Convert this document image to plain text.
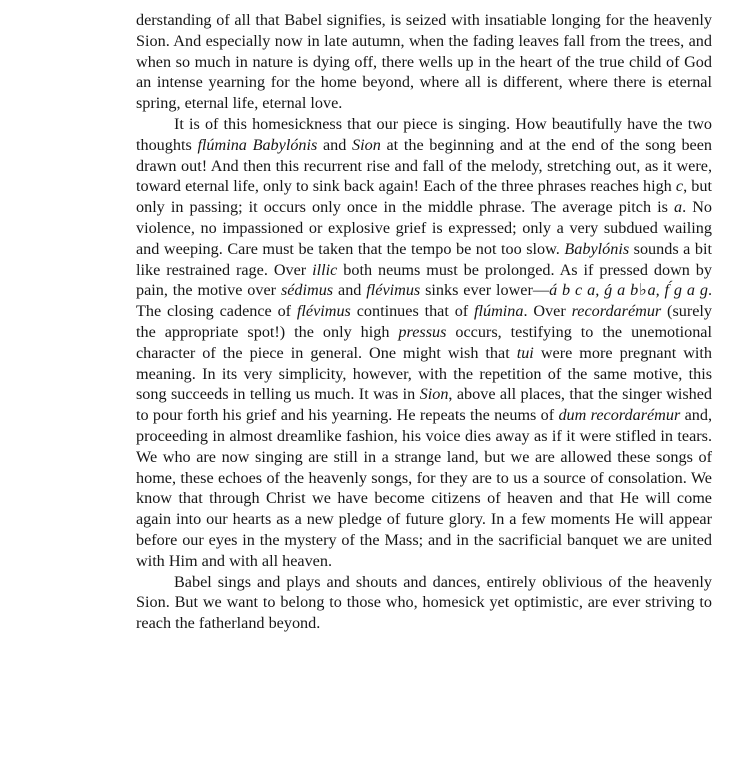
derstanding of all that Babel signifies, is seized with insatiable longing for the heavenly Sion. And especially now in late autumn, when the fading leaves fall from the trees, and when so much in nature is dying off, there wells up in the heart of the true child of God an intense yearning for the home beyond, where all is different, where there is eternal spring, eternal life, eternal love.

It is of this homesickness that our piece is singing. How beautifully have the two thoughts flúmina Babylónis and Sion at the beginning and at the end of the song been drawn out! And then this recurrent rise and fall of the melody, stretching out, as it were, toward eternal life, only to sink back again! Each of the three phrases reaches high c, but only in passing; it occurs only once in the middle phrase. The average pitch is a. No violence, no impassioned or explosive grief is expressed; only a very subdued wailing and weeping. Care must be taken that the tempo be not too slow. Babylónis sounds a bit like restrained rage. Over illic both neums must be prolonged. As if pressed down by pain, the motive over sédimus and flévimus sinks ever lower—á b c a, ǵ a b♭a, f́ g a g. The closing cadence of flévimus continues that of flúmina. Over recordarémur (surely the appropriate spot!) the only high pressus occurs, testifying to the unemotional character of the piece in general. One might wish that tui were more pregnant with meaning. In its very simplicity, however, with the repetition of the same motive, this song succeeds in telling us much. It was in Sion, above all places, that the singer wished to pour forth his grief and his yearning. He repeats the neums of dum recordarémur and, proceeding in almost dreamlike fashion, his voice dies away as if it were stifled in tears. We who are now singing are still in a strange land, but we are allowed these songs of home, these echoes of the heavenly songs, for they are to us a source of consolation. We know that through Christ we have become citizens of heaven and that He will come again into our hearts as a new pledge of future glory. In a few moments He will appear before our eyes in the mystery of the Mass; and in the sacrificial banquet we are united with Him and with all heaven.

Babel sings and plays and shouts and dances, entirely oblivious of the heavenly Sion. But we want to belong to those who, homesick yet optimistic, are ever striving to reach the fatherland beyond.
